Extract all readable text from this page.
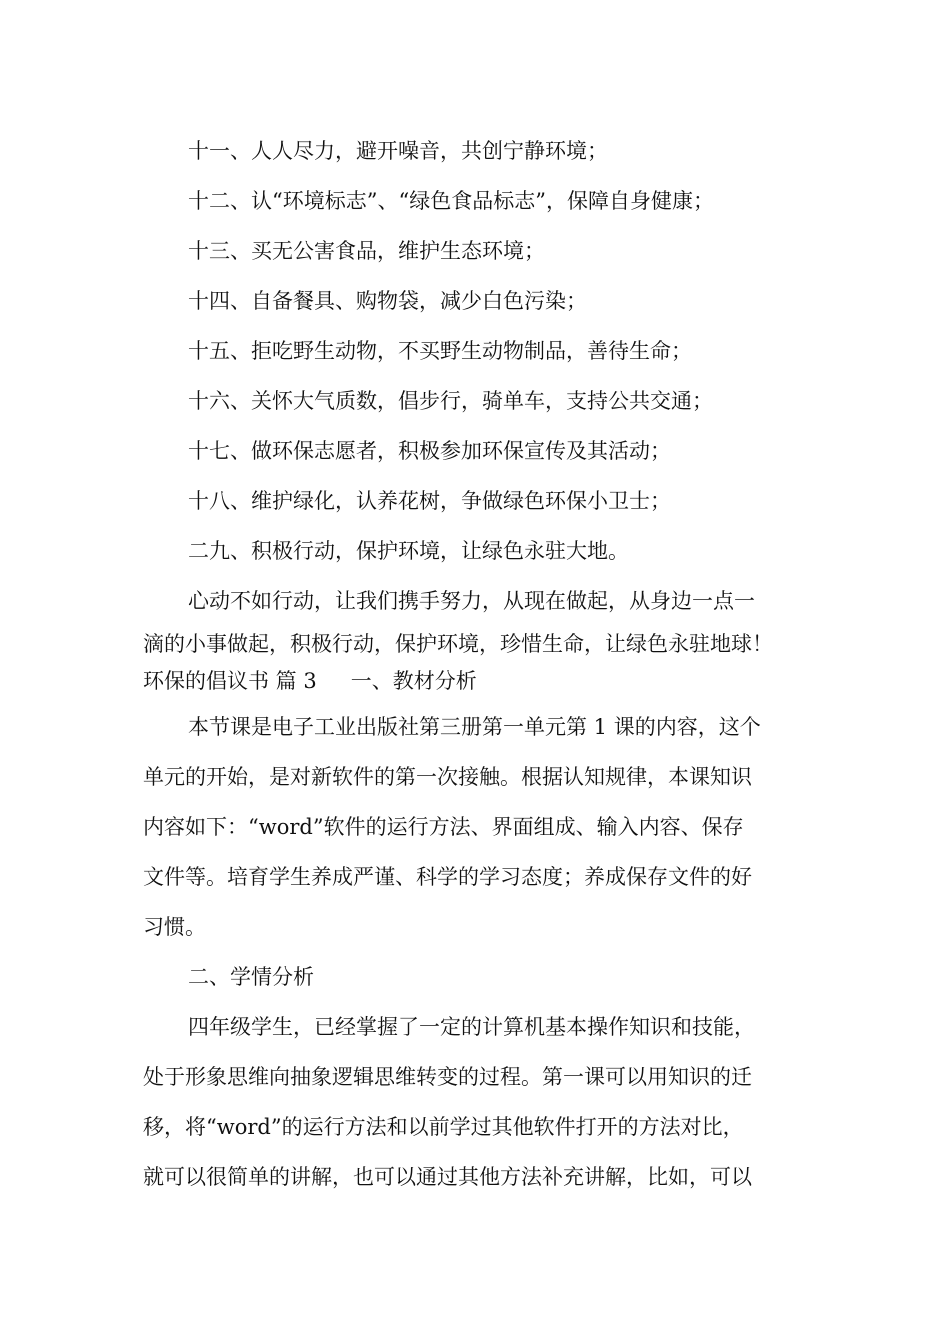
十一、人人尽力，避开噪音，共创宁静环境；
十二、认“环境标志”、“绿色食品标志”，保障自身健康；
十三、买无公害食品，维护生态环境；
十四、自备餐具、购物袋，减少白色污染；
十五、拒吃野生动物，不买野生动物制品，善待生命；
十六、关怀大气质数，倡步行，骑单车，支持公共交通；
十七、做环保志愿者，积极参加环保宣传及其活动；
十八、维护绿化，认养花树，争做绿色环保小卫士；
二九、积极行动，保护环境，让绿色永驻大地。
心动不如行动，让我们携手努力，从现在做起，从身边一点一
滴的小事做起，积极行动，保护环境，珍惜生命，让绿色永驻地球！
环保的倡议书 篇 3 一、教材分析
本节课是电子工业出版社第三册第一单元第 1 课的内容，这个
单元的开始，是对新软件的第一次接触。根据认知规律，本课知识
内容如下：“word”软件的运行方法、界面组成、输入内容、保存
文件等。培育学生养成严谨、科学的学习态度；养成保存文件的好
习惯。
二、学情分析
四年级学生，已经掌握了一定的计算机基本操作知识和技能，
处于形象思维向抽象逻辑思维转变的过程。第一课可以用知识的迁
移，将“word”的运行方法和以前学过其他软件打开的方法对比，
就可以很简单的讲解，也可以通过其他方法补充讲解，比如，可以
